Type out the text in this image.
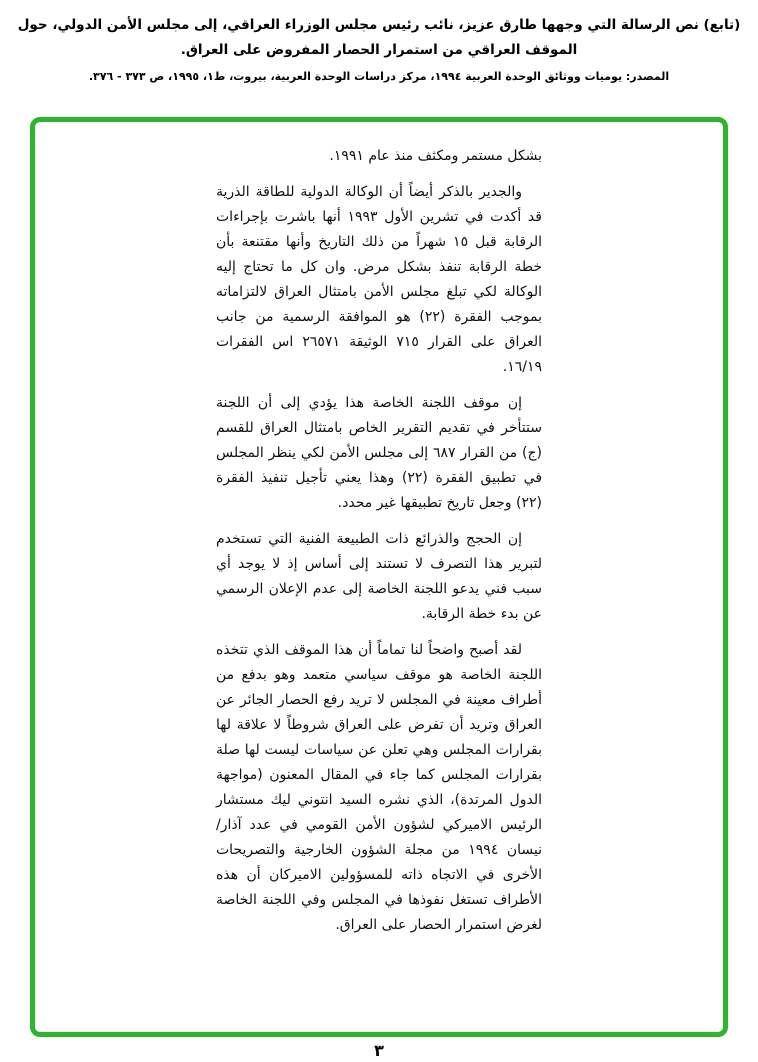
(تابع) نص الرسالة التي وجهها طارق عزيز، نائب رئيس مجلس الوزراء العراقي، إلى مجلس الأمن الدولي، حول
الموقف العراقي من استمرار الحصار المفروض على العراق.
المصدر: يوميات ووثائق الوحدة العربية ١٩٩٤، مركز دراسات الوحدة العربية، بيروت، ط١، ١٩٩٥، ص ٣٧٣ - ٣٧٦.

بشكل مستمر ومكثف منذ عام ١٩٩١.

والجدير بالذكر أيضاً أن الوكالة الدولية للطاقة الذرية قد أكدت في تشرين الأول ١٩٩٣ أنها باشرت بإجراءات الرقابة قبل ١٥ شهراً من ذلك التاريخ وأنها مقتنعة بأن خطة الرقابة تنفذ بشكل مرض. وان كل ما تحتاج إليه الوكالة لكي تبلغ مجلس الأمن بامتثال العراق لالتزاماته بموجب الفقرة (٢٢) هو الموافقة الرسمية من جانب العراق على القرار ٧١٥ الوثيقة ٢٦٥٧١ اس الفقرات ١٦/١٩.

إن موقف اللجنة الخاصة هذا يؤدي إلى أن اللجنة ستتأخر في تقديم التقرير الخاص بامتثال العراق للقسم (ج) من القرار ٦٨٧ إلى مجلس الأمن لكي ينظر المجلس في تطبيق الفقرة (٢٢) وهذا يعني تأجيل تنفيذ الفقرة (٢٢) وجعل تاريخ تطبيقها غير محدد.

إن الحجج والذرائع ذات الطبيعة الفنية التي تستخدم لتبرير هذا التصرف لا تستند إلى أساس إذ لا يوجد أي سبب فني يدعو اللجنة الخاصة إلى عدم الإعلان الرسمي عن بدء خطة الرقابة.

لقد أصبح واضحاً لنا تماماً أن هذا الموقف الذي تتخذه اللجنة الخاصة هو موقف سياسي متعمد وهو بدفع من أطراف معينة في المجلس لا تريد رفع الحصار الجائر عن العراق وتريد أن تفرض على العراق شروطاً لا علاقة لها بقرارات المجلس وهي تعلن عن سياسات ليست لها صلة بقرارات المجلس كما جاء في المقال المعنون (مواجهة الدول المرتدة)، الذي نشره السيد انتوني ليك مستشار الرئيس الاميركي لشؤون الأمن القومي في عدد آذار/نيسان ١٩٩٤ من مجلة الشؤون الخارجية والتصريحات الأخرى في الاتجاه ذاته للمسؤولين الاميركان أن هذه الأطراف تستغل نفوذها في المجلس وفي اللجنة الخاصة لغرض استمرار الحصار على العراق.

٣
